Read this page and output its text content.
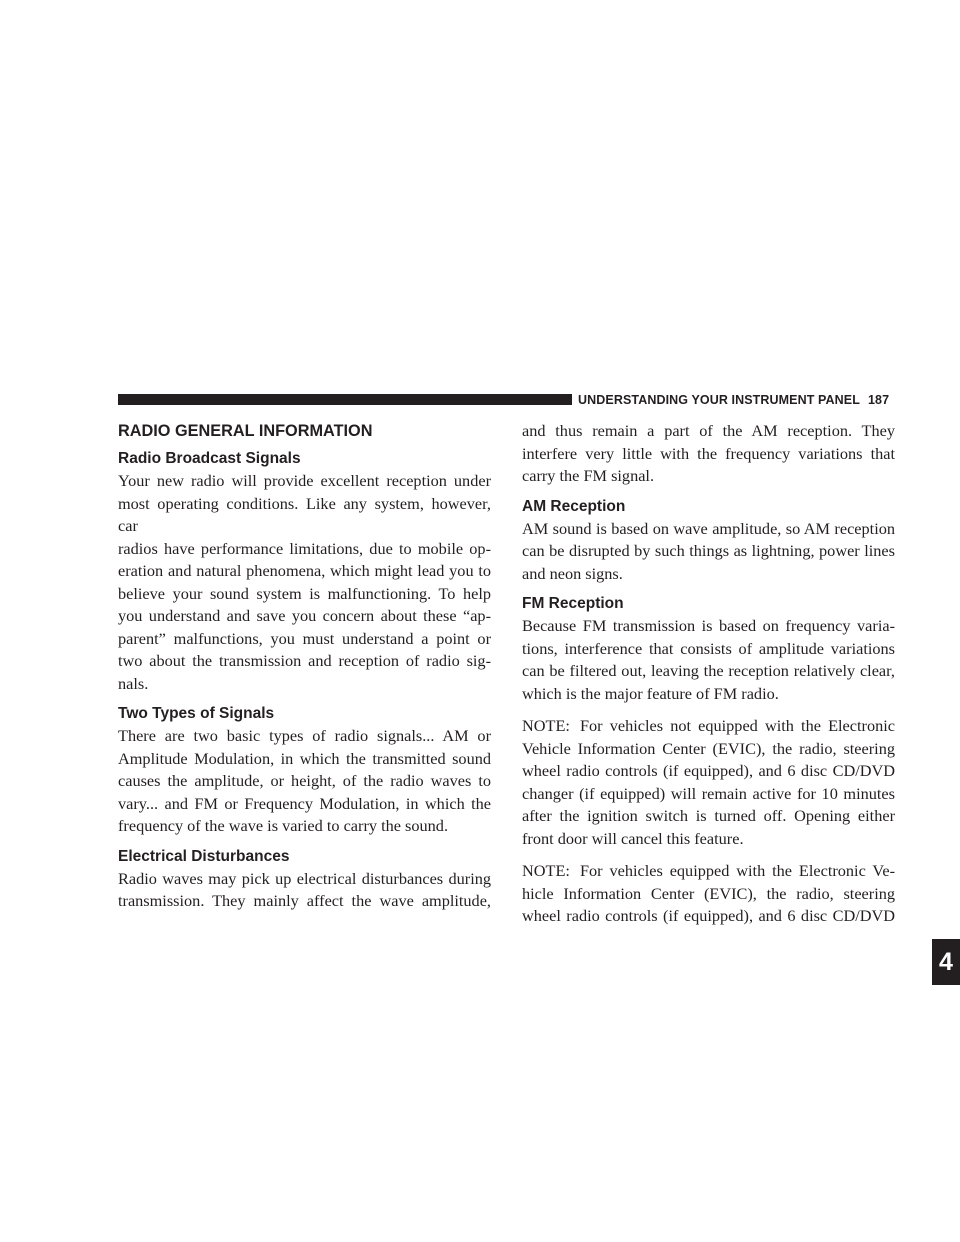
UNDERSTANDING YOUR INSTRUMENT PANEL 187
4
RADIO GENERAL INFORMATION
Radio Broadcast Signals

Your new radio will provide excellent reception under
most operating conditions. Like any system, however, car
radios have performance limitations, due to mobile op-
eration and natural phenomena, which might lead you to
believe your sound system is malfunctioning. To help
you understand and save you concern about these “ap-
parent” malfunctions, you must understand a point or
two about the transmission and reception of radio sig-
nals.

Two Types of Signals

There are two basic types of radio signals... AM or
Amplitude Modulation, in which the transmitted sound
causes the amplitude, or height, of the radio waves to
vary... and FM or Frequency Modulation, in which the
frequency of the wave is varied to carry the sound.

Electrical Disturbances

Radio waves may pick up electrical disturbances during
transmission. They mainly affect the wave amplitude,

and thus remain a part of the AM reception. They
interfere very little with the frequency variations that
carry the FM signal.

AM Reception

AM sound is based on wave amplitude, so AM reception
can be disrupted by such things as lightning, power lines
and neon signs.

FM Reception

Because FM transmission is based on frequency varia-
tions, interference that consists of amplitude variations
can be filtered out, leaving the reception relatively clear,
which is the major feature of FM radio.

NOTE: For vehicles not equipped with the Electronic
Vehicle Information Center (EVIC), the radio, steering
wheel radio controls (if equipped), and 6 disc CD/DVD
changer (if equipped) will remain active for 10 minutes
after the ignition switch is turned off. Opening either
front door will cancel this feature.

NOTE: For vehicles equipped with the Electronic Ve-
hicle Information Center (EVIC), the radio, steering
wheel radio controls (if equipped), and 6 disc CD/DVD
